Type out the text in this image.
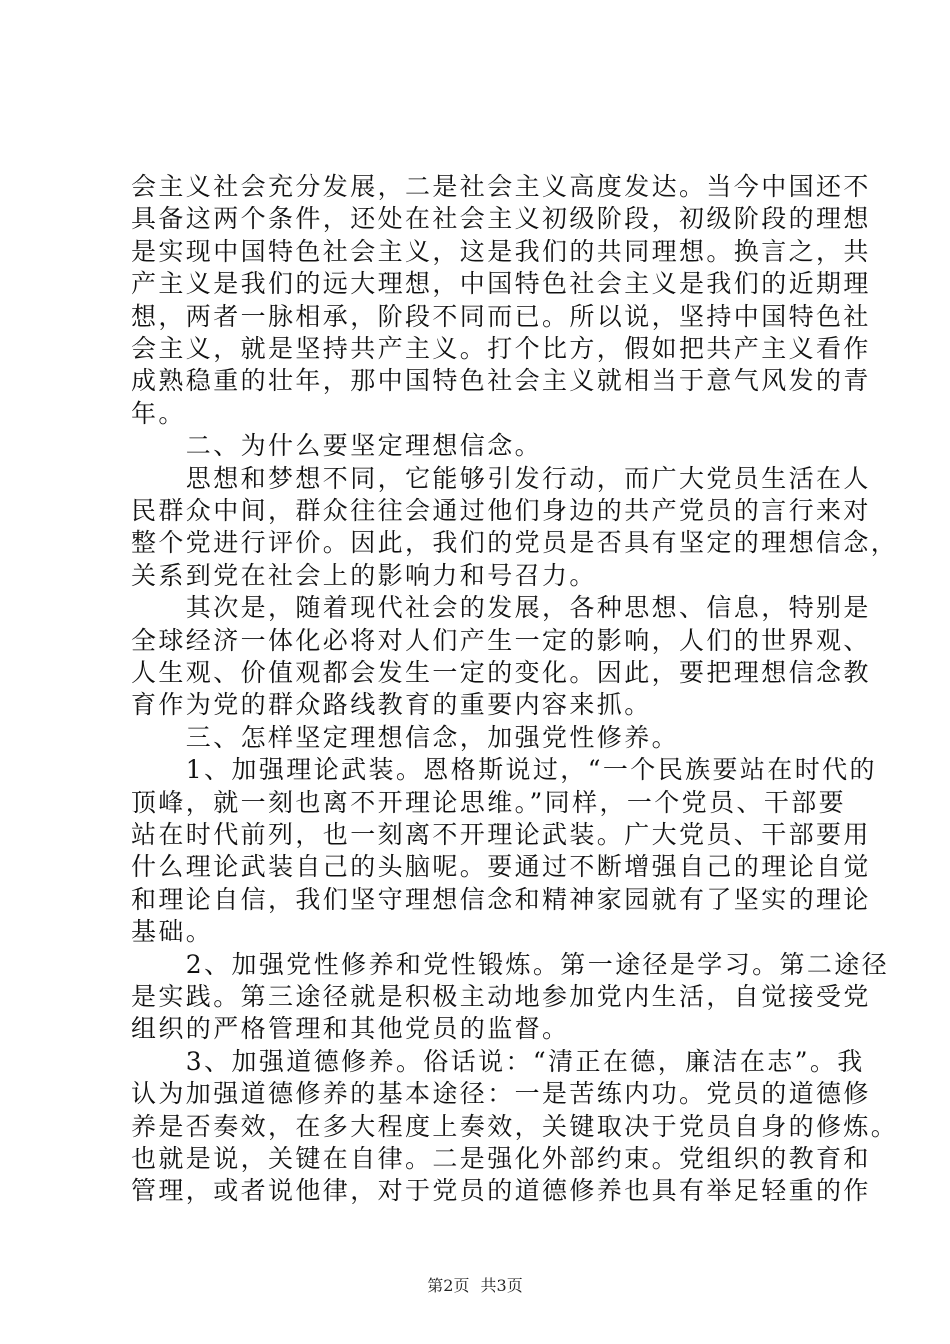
会主义社会充分发展，二是社会主义高度发达。当今中国还不
具备这两个条件，还处在社会主义初级阶段，初级阶段的理想
是实现中国特色社会主义，这是我们的共同理想。换言之，共
产主义是我们的远大理想，中国特色社会主义是我们的近期理
想，两者一脉相承，阶段不同而已。所以说，坚持中国特色社
会主义，就是坚持共产主义。打个比方，假如把共产主义看作
成熟稳重的壮年，那中国特色社会主义就相当于意气风发的青
年。
　　二、为什么要坚定理想信念。
　　思想和梦想不同，它能够引发行动，而广大党员生活在人
民群众中间，群众往往会通过他们身边的共产党员的言行来对
整个党进行评价。因此，我们的党员是否具有坚定的理想信念，
关系到党在社会上的影响力和号召力。
　　其次是，随着现代社会的发展，各种思想、信息，特别是
全球经济一体化必将对人们产生一定的影响，人们的世界观、
人生观、价值观都会发生一定的变化。因此，要把理想信念教
育作为党的群众路线教育的重要内容来抓。
　　三、怎样坚定理想信念，加强党性修养。
　　1、加强理论武装。恩格斯说过，“一个民族要站在时代的
顶峰，就一刻也离不开理论思维。”同样，一个党员、干部要
站在时代前列，也一刻离不开理论武装。广大党员、干部要用
什么理论武装自己的头脑呢。要通过不断增强自己的理论自觉
和理论自信，我们坚守理想信念和精神家园就有了坚实的理论
基础。
　　2、加强党性修养和党性锻炼。第一途径是学习。第二途径
是实践。第三途径就是积极主动地参加党内生活，自觉接受党
组织的严格管理和其他党员的监督。
　　3、加强道德修养。俗话说：“清正在德，廉洁在志”。我
认为加强道德修养的基本途径：一是苦练内功。党员的道德修
养是否奏效，在多大程度上奏效，关键取决于党员自身的修炼。
也就是说，关键在自律。二是强化外部约束。党组织的教育和
管理，或者说他律，对于党员的道德修养也具有举足轻重的作
第2页 共3页
